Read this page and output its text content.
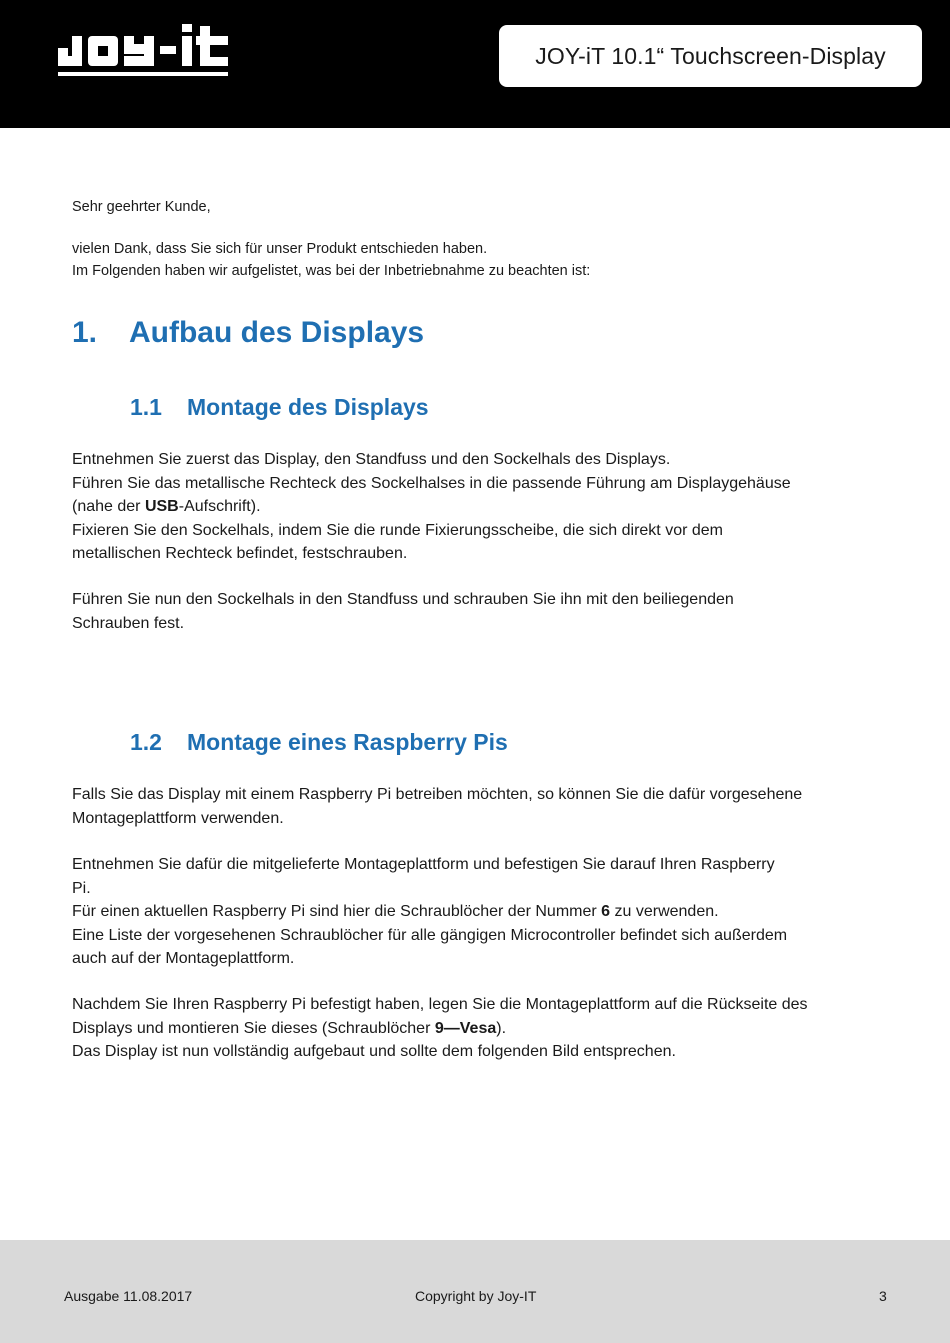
JOY-iT 10.1“ Touchscreen-Display

Sehr geehrter Kunde,

vielen Dank, dass Sie sich für unser Produkt entschieden haben.
Im Folgenden haben wir aufgelistet, was bei der Inbetriebnahme zu beachten ist:

1. Aufbau des Displays
1.1 Montage des Displays

Entnehmen Sie zuerst das Display, den Standfuss und den Sockelhals des Displays.
Führen Sie das metallische Rechteck des Sockelhalses in die passende Führung am Displaygehäuse
(nahe der USB-Aufschrift).
Fixieren Sie den Sockelhals, indem Sie die runde Fixierungsscheibe, die sich direkt vor dem
metallischen Rechteck befindet, festschrauben.

Führen Sie nun den Sockelhals in den Standfuss und schrauben Sie ihn mit den beiliegenden
Schrauben fest.

1.2 Montage eines Raspberry Pis

Falls Sie das Display mit einem Raspberry Pi betreiben möchten, so können Sie die dafür vorgesehene
Montageplattform verwenden.

Entnehmen Sie dafür die mitgelieferte Montageplattform und befestigen Sie darauf Ihren Raspberry
Pi.
Für einen aktuellen Raspberry Pi sind hier die Schraublöcher der Nummer 6 zu verwenden.
Eine Liste der vorgesehenen Schraublöcher für alle gängigen Microcontroller befindet sich außerdem
auch auf der Montageplattform.

Nachdem Sie Ihren Raspberry Pi befestigt haben, legen Sie die Montageplattform auf die Rückseite des
Displays und montieren Sie dieses (Schraublöcher 9—Vesa).
Das Display ist nun vollständig aufgebaut und sollte dem folgenden Bild entsprechen.

Ausgabe 11.08.2017	Copyright by Joy-IT	3
